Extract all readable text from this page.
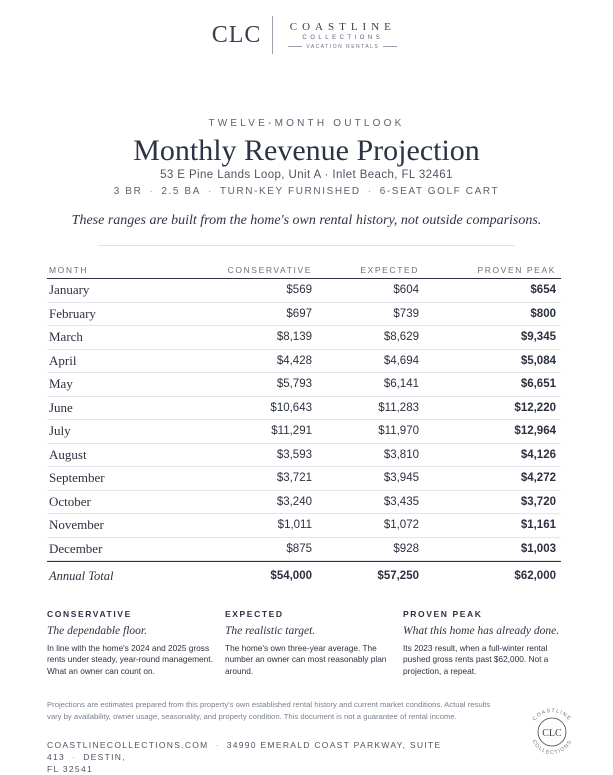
CLC	COASTLINE
COLLECTIONS
VACATION RENTALS
TWELVE-MONTH OUTLOOK
Monthly Revenue Projection
53 E Pine Lands Loop, Unit A · Inlet Beach, FL 32461
3 BR · 2.5 BA · TURN-KEY FURNISHED · 6-SEAT GOLF CART
These ranges are built from the home's own rental history, not outside comparisons.
MONTH	CONSERVATIVE	EXPECTED	PROVEN PEAK
January	$569	$604	$654
February	$697	$739	$800
March	$8,139	$8,629	$9,345
April	$4,428	$4,694	$5,084
May	$5,793	$6,141	$6,651
June	$10,643	$11,283	$12,220
July	$11,291	$11,970	$12,964
August	$3,593	$3,810	$4,126
September	$3,721	$3,945	$4,272
October	$3,240	$3,435	$3,720
November	$1,011	$1,072	$1,161
December	$875	$928	$1,003
Annual Total	$54,000	$57,250	$62,000
CONSERVATIVE
The dependable floor.
In line with the home's 2024 and 2025 gross rents under steady, year-round management. What an owner can count on.
EXPECTED
The realistic target.
The home's own three-year average. The number an owner can most reasonably plan around.
PROVEN PEAK
What this home has already done.
Its 2023 result, when a full-winter rental pushed gross rents past $62,000. Not a projection, a repeat.
Projections are estimates prepared from this property's own established rental history and current market conditions. Actual results vary by availability, owner usage, seasonality, and property condition. This document is not a guarantee of rental income.
COASTLINECOLLECTIONS.COM · 34990 EMERALD COAST PARKWAY, SUITE 413 · DESTIN,
FL 32541
CLC
COASTLINE
COLLECTIONS
